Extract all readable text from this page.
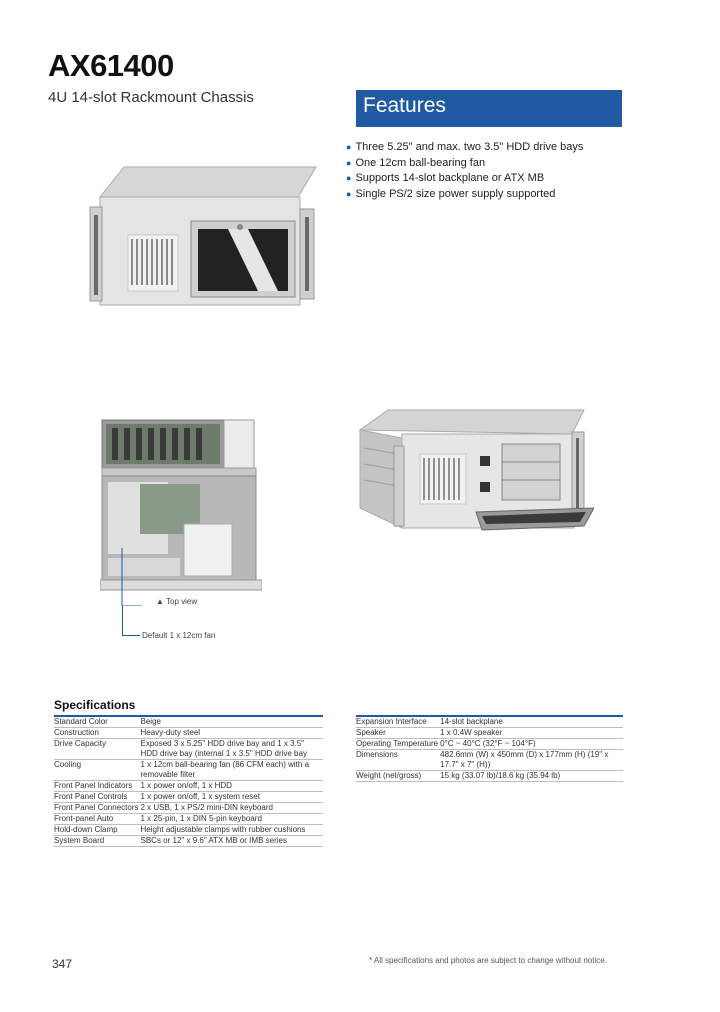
AX61400
4U 14-slot Rackmount Chassis
▲ Top view
Default 1 x 12cm fan
Features
● Three 5.25" and max. two 3.5" HDD drive bays
● One 12cm ball-bearing fan
● Supports 14-slot backplane or ATX MB
● Single PS/2 size power supply supported
Specifications
Standard Color	Beige
Construction	Heavy-duty steel
Drive Capacity	Exposed 3 x 5.25" HDD drive bay and 1 x 3.5" HDD drive bay (internal 1 x 3.5" HDD drive bay
Cooling	1 x 12cm ball-bearing fan (86 CFM each) with a removable filter
Front Panel Indicators	1 x power on/off, 1 x HDD
Front Panel Controls	1 x power on/off, 1 x system reset
Front Panel Connectors	2 x USB, 1 x PS/2 mini-DIN keyboard
Front-panel Auto	1 x 25-pin, 1 x DIN 5-pin keyboard
Hold-down Clamp	Height adjustable clamps with rubber cushions
System Board	SBCs or 12" x 9.6" ATX MB or IMB series
Expansion Interface	14-slot backplane
Speaker	1 x 0.4W speaker
Operating Temperature	0°C ~ 40°C (32°F ~ 104°F)
Dimensions	482.6mm (W) x 450mm (D) x 177mm (H) (19" x 17.7" x 7" (H))
Weight (net/gross)	15 kg (33.07 lb)/18.6 kg (35.94 lb)
347	* All specifications and photos are subject to change without notice.
